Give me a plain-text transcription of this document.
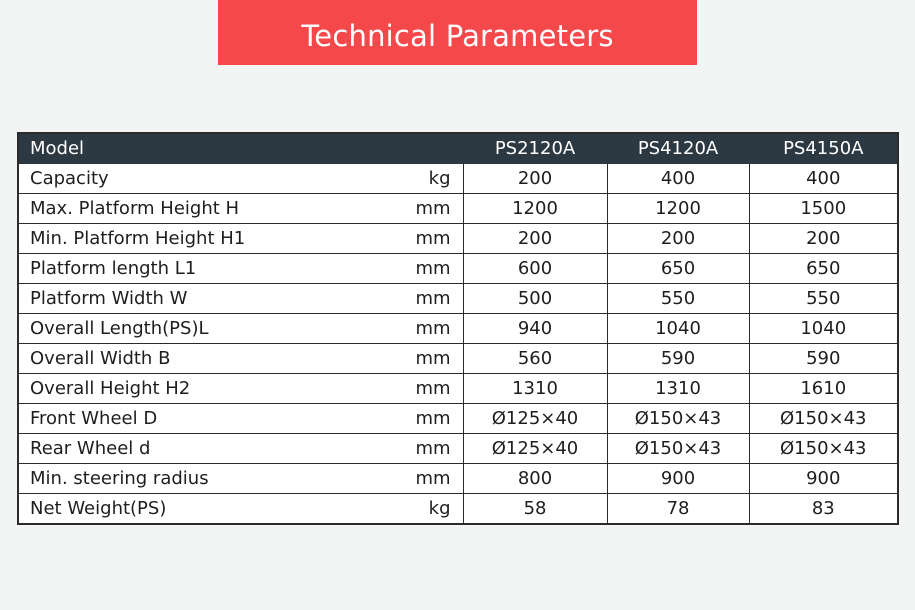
Technical Parameters
Model		PS2120A	PS4120A	PS4150A
Capacity	kg	200	400	400
Max. Platform Height H	mm	1200	1200	1500
Min. Platform Height H1	mm	200	200	200
Platform length L1	mm	600	650	650
Platform Width W	mm	500	550	550
Overall Length(PS)L	mm	940	1040	1040
Overall Width B	mm	560	590	590
Overall Height H2	mm	1310	1310	1610
Front Wheel D	mm	Ø125×40	Ø150×43	Ø150×43
Rear Wheel d	mm	Ø125×40	Ø150×43	Ø150×43
Min. steering radius	mm	800	900	900
Net Weight(PS)	kg	58	78	83
